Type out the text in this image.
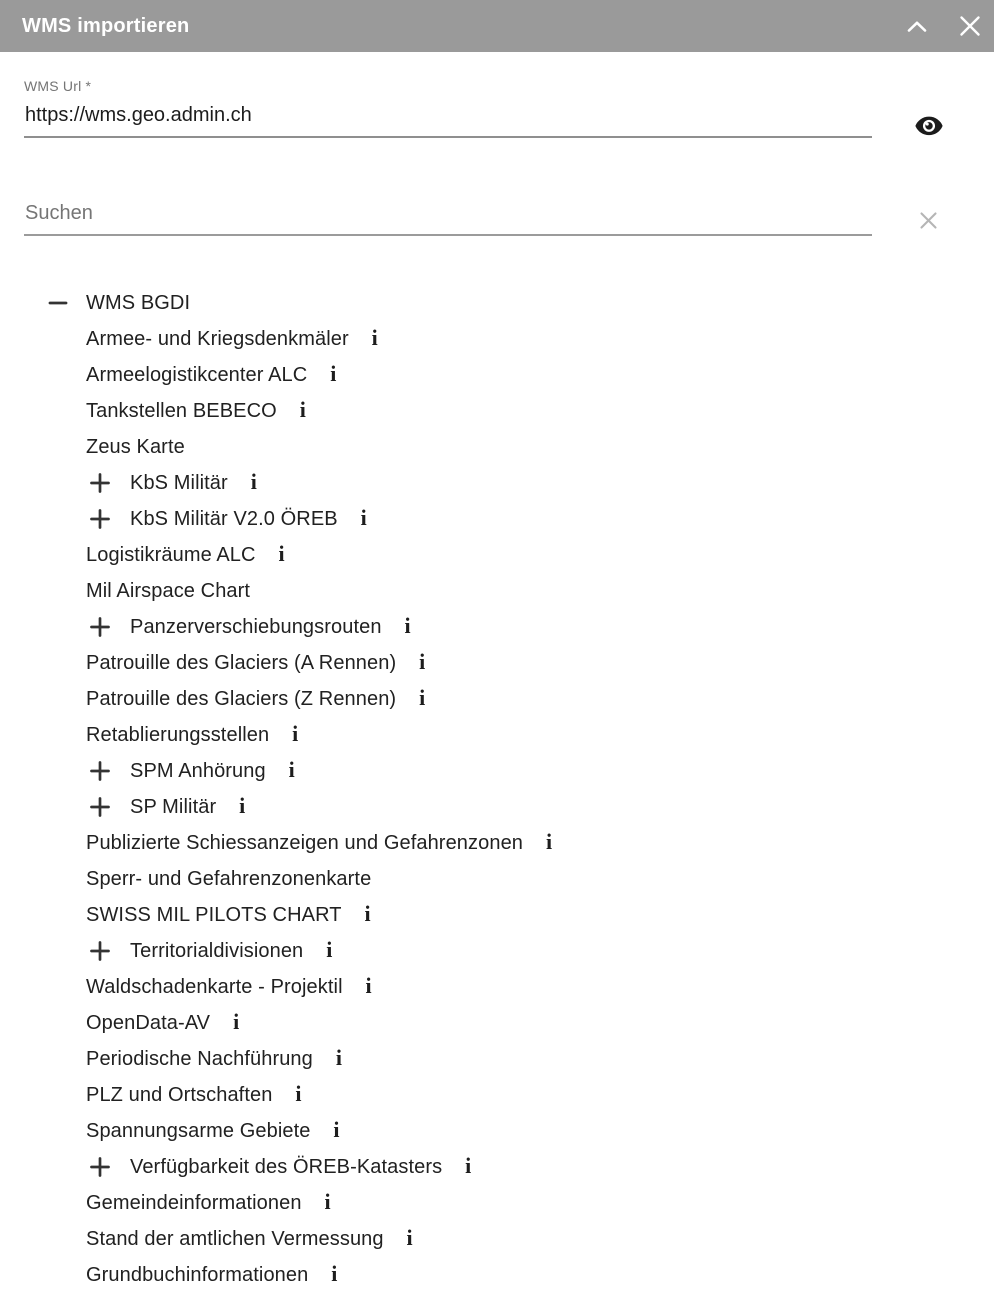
WMS importieren
WMS Url *
https://wms.geo.admin.ch
Suchen
WMS BGDI
Armee- und Kriegsdenkmäler i
Armeelogistikcenter ALC i
Tankstellen BEBECO i
Zeus Karte
KbS Militär i
KbS Militär V2.0 ÖREB i
Logistikräume ALC i
Mil Airspace Chart
Panzerverschiebungsrouten i
Patrouille des Glaciers (A Rennen) i
Patrouille des Glaciers (Z Rennen) i
Retablierungsstellen i
SPM Anhörung i
SP Militär i
Publizierte Schiessanzeigen und Gefahrenzonen i
Sperr- und Gefahrenzonenkarte
SWISS MIL PILOTS CHART i
Territorialdivisionen i
Waldschadenkarte - Projektil i
OpenData-AV i
Periodische Nachführung i
PLZ und Ortschaften i
Spannungsarme Gebiete i
Verfügbarkeit des ÖREB-Katasters i
Gemeindeinformationen i
Stand der amtlichen Vermessung i
Grundbuchinformationen i
